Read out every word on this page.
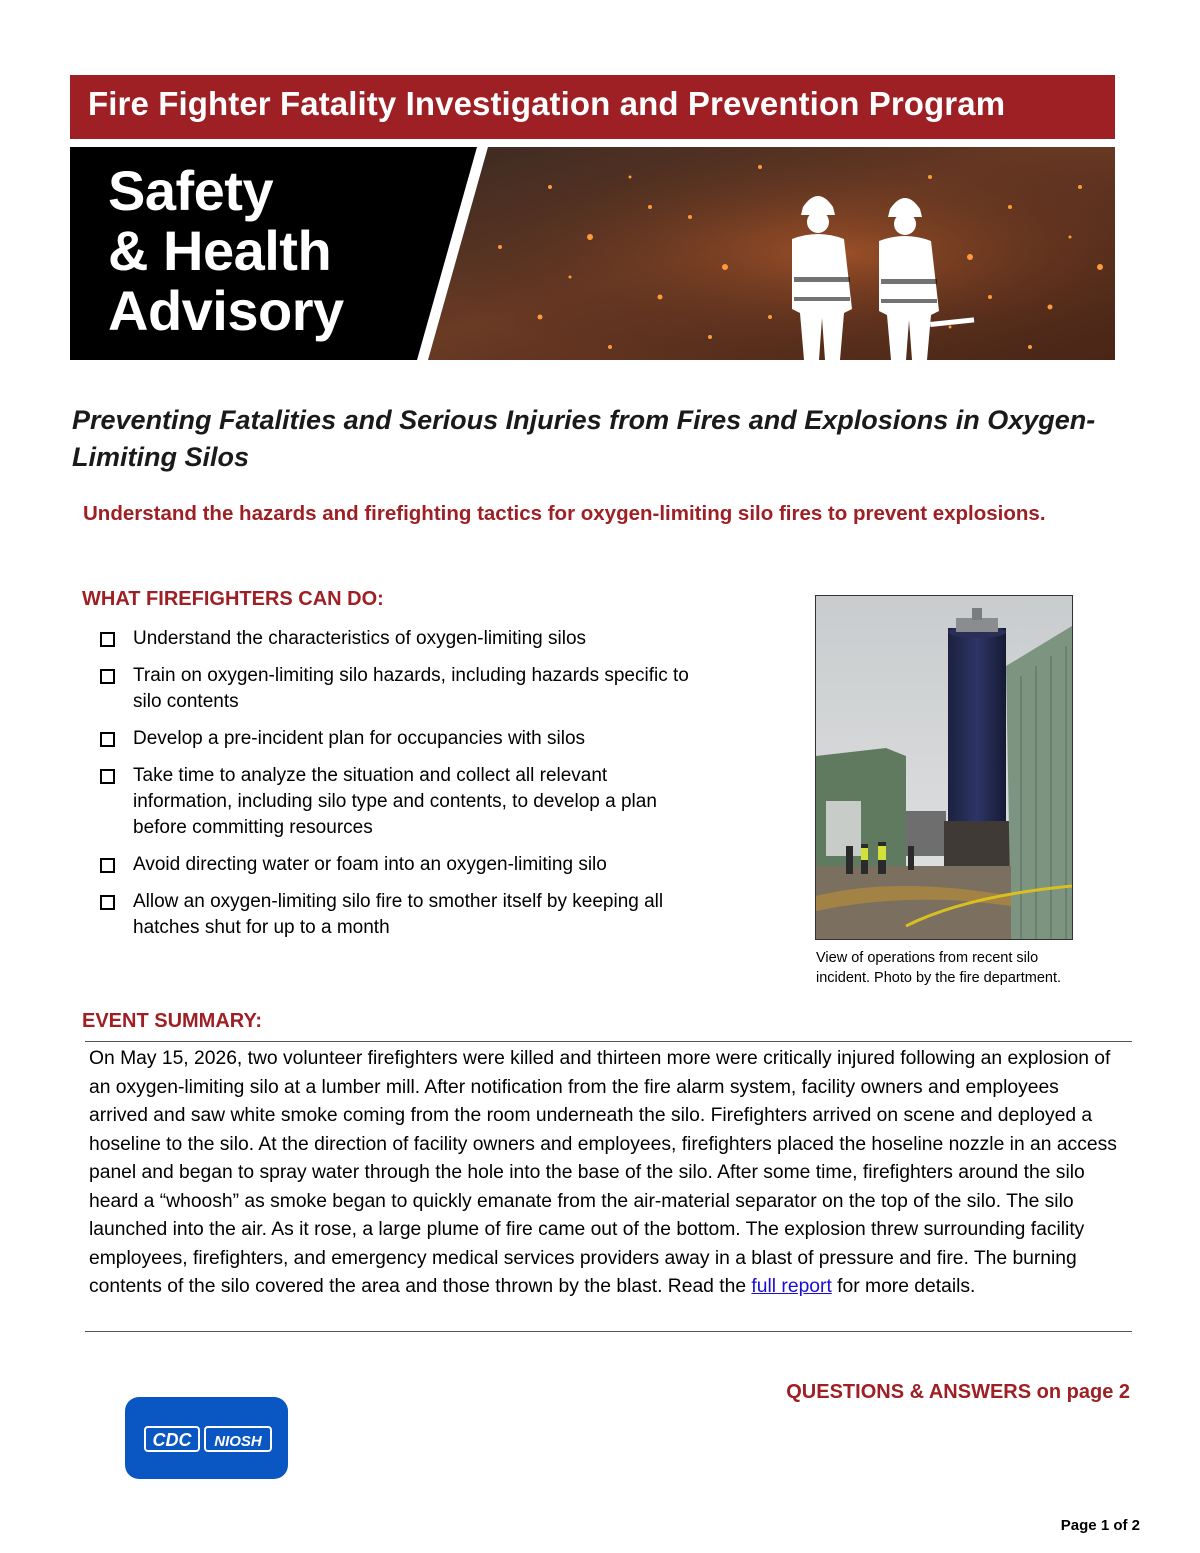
Fire Fighter Fatality Investigation and Prevention Program
Safety
& Health
Advisory
Preventing Fatalities and Serious Injuries from Fires and Explosions in Oxygen-Limiting Silos
Understand the hazards and firefighting tactics for oxygen-limiting silo fires to prevent explosions.
WHAT FIREFIGHTERS CAN DO:
Understand the characteristics of oxygen-limiting silos
Train on oxygen-limiting silo hazards, including hazards specific to silo contents
Develop a pre-incident plan for occupancies with silos
Take time to analyze the situation and collect all relevant information, including silo type and contents, to develop a plan before committing resources
Avoid directing water or foam into an oxygen-limiting silo
Allow an oxygen-limiting silo fire to smother itself by keeping all hatches shut for up to a month
View of operations from recent silo incident. Photo by the fire department.
EVENT SUMMARY:
On May 15, 2026, two volunteer firefighters were killed and thirteen more were critically injured following an explosion of an oxygen-limiting silo at a lumber mill. After notification from the fire alarm system, facility owners and employees arrived and saw white smoke coming from the room underneath the silo. Firefighters arrived on scene and deployed a hoseline to the silo. At the direction of facility owners and employees, firefighters placed the hoseline nozzle in an access panel and began to spray water through the hole into the base of the silo. After some time, firefighters around the silo heard a “whoosh” as smoke began to quickly emanate from the air-material separator on the top of the silo. The silo launched into the air. As it rose, a large plume of fire came out of the bottom. The explosion threw surrounding facility employees, firefighters, and emergency medical services providers away in a blast of pressure and fire. The burning contents of the silo covered the area and those thrown by the blast. Read the full report for more details.
QUESTIONS & ANSWERS on page 2
CDC NIOSH
Page 1 of 2
